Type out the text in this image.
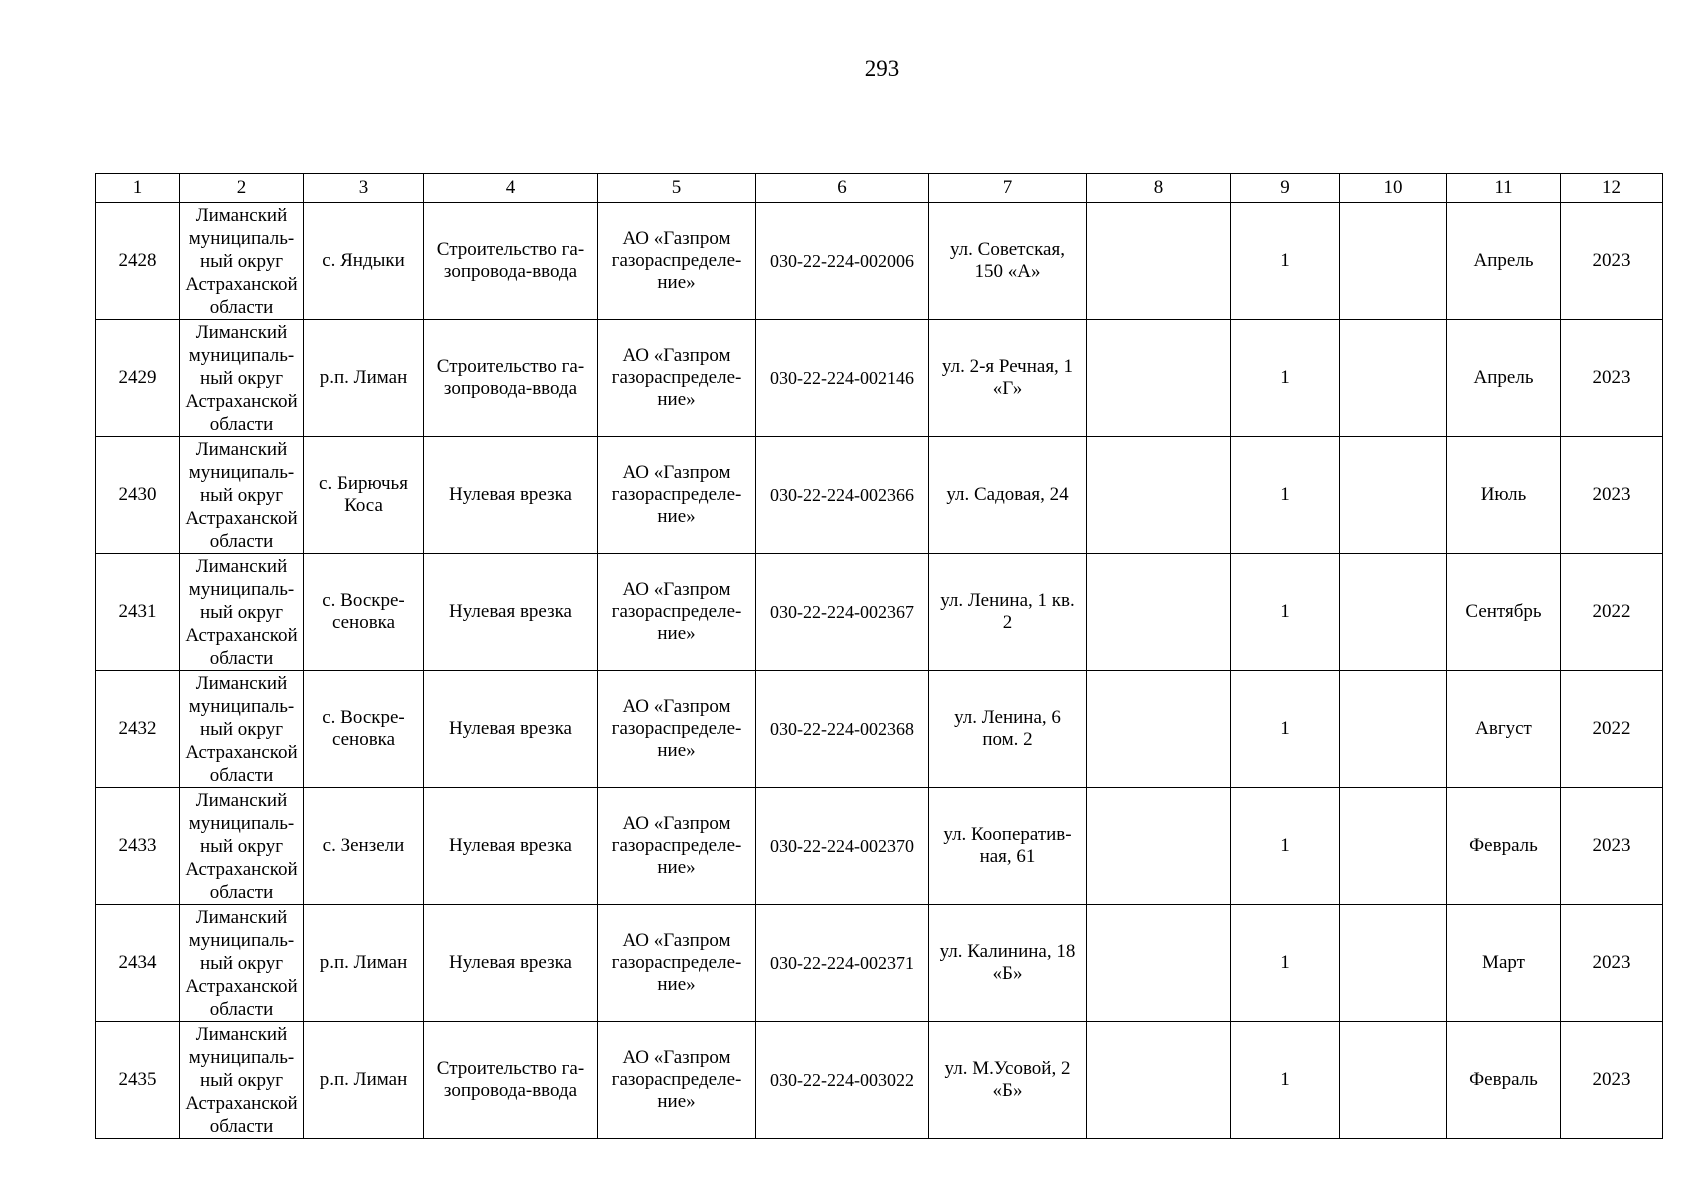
293
1	2	3	4	5	6	7	8	9	10	11	12
2428	Лиманский
муниципаль-
ный округ
Астраханской
области	с. Яндыки	Строительство га-
зопровода-ввода	АО «Газпром
газораспределе-
ние»	030-22-224-002006	ул. Советская,
150 «А»		1		Апрель	2023
2429	Лиманский
муниципаль-
ный округ
Астраханской
области	р.п. Лиман	Строительство га-
зопровода-ввода	АО «Газпром
газораспределе-
ние»	030-22-224-002146	ул. 2-я Речная, 1
«Г»		1		Апрель	2023
2430	Лиманский
муниципаль-
ный округ
Астраханской
области	с. Бирючья
Коса	Нулевая врезка	АО «Газпром
газораспределе-
ние»	030-22-224-002366	ул. Садовая, 24		1		Июль	2023
2431	Лиманский
муниципаль-
ный округ
Астраханской
области	с. Воскре-
сеновка	Нулевая врезка	АО «Газпром
газораспределе-
ние»	030-22-224-002367	ул. Ленина, 1 кв.
2		1		Сентябрь	2022
2432	Лиманский
муниципаль-
ный округ
Астраханской
области	с. Воскре-
сеновка	Нулевая врезка	АО «Газпром
газораспределе-
ние»	030-22-224-002368	ул. Ленина, 6
пом. 2		1		Август	2022
2433	Лиманский
муниципаль-
ный округ
Астраханской
области	с. Зензели	Нулевая врезка	АО «Газпром
газораспределе-
ние»	030-22-224-002370	ул. Кооператив-
ная, 61		1		Февраль	2023
2434	Лиманский
муниципаль-
ный округ
Астраханской
области	р.п. Лиман	Нулевая врезка	АО «Газпром
газораспределе-
ние»	030-22-224-002371	ул. Калинина, 18
«Б»		1		Март	2023
2435	Лиманский
муниципаль-
ный округ
Астраханской
области	р.п. Лиман	Строительство га-
зопровода-ввода	АО «Газпром
газораспределе-
ние»	030-22-224-003022	ул. М.Усовой, 2
«Б»		1		Февраль	2023
